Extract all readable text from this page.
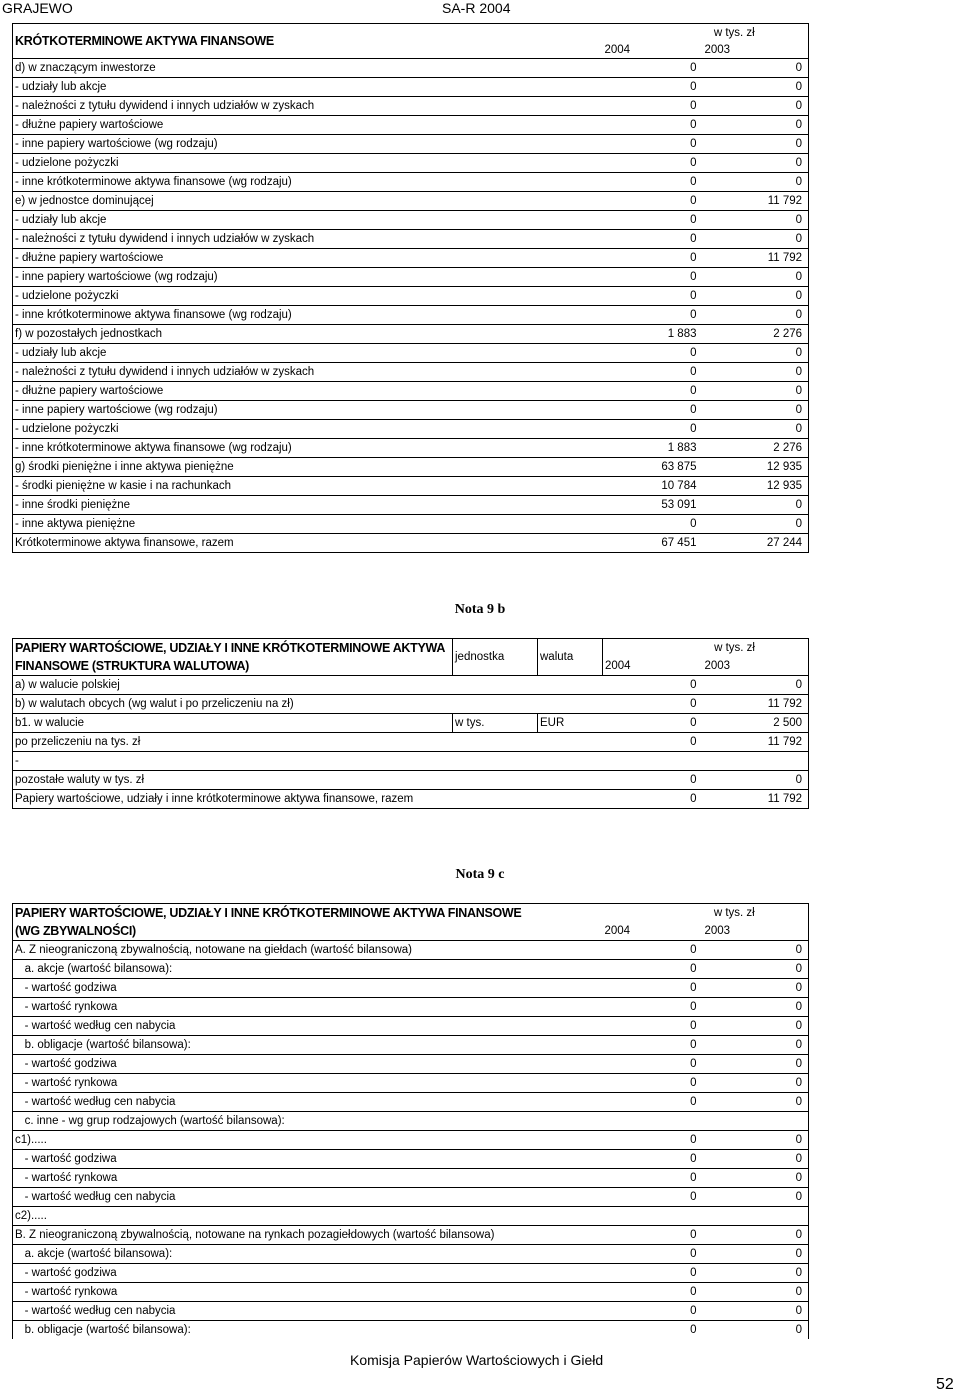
GRAJEWO	SA-R 2004
KRÓTKOTERMINOWE AKTYWA FINANSOWE	w tys. zł	
	2004	2003
d) w znaczącym inwestorze	0	0
- udziały lub akcje	0	0
- należności z tytułu dywidend i innych udziałów w zyskach	0	0
- dłużne papiery wartościowe	0	0
- inne papiery wartościowe (wg rodzaju)	0	0
- udzielone pożyczki	0	0
- inne krótkoterminowe aktywa finansowe (wg rodzaju)	0	0
e) w jednostce dominującej	0	11 792
- udziały lub akcje	0	0
- należności z tytułu dywidend i innych udziałów w zyskach	0	0
- dłużne papiery wartościowe	0	11 792
- inne papiery wartościowe (wg rodzaju)	0	0
- udzielone pożyczki	0	0
- inne krótkoterminowe aktywa finansowe (wg rodzaju)	0	0
f) w pozostałych jednostkach	1 883	2 276
- udziały lub akcje	0	0
- należności z tytułu dywidend i innych udziałów w zyskach	0	0
- dłużne papiery wartościowe	0	0
- inne papiery wartościowe (wg rodzaju)	0	0
- udzielone pożyczki	0	0
- inne krótkoterminowe aktywa finansowe (wg rodzaju)	1 883	2 276
g) środki pieniężne i inne aktywa pieniężne	63 875	12 935
- środki pieniężne w kasie i na rachunkach	10 784	12 935
- inne środki pieniężne	53 091	0
- inne aktywa pieniężne	0	0
Krótkoterminowe aktywa finansowe, razem	67 451	27 244
Nota 9 b
PAPIERY WARTOŚCIOWE, UDZIAŁY I INNE KRÓTKOTERMINOWE AKTYWA	jednostka	waluta	w tys. zł	
FINANSOWE (STRUKTURA WALUTOWA)			2004	2003
a) w walucie polskiej			0	0
b) w walutach obcych (wg walut i po przeliczeniu na zł)			0	11 792
b1. w walucie	w tys.	EUR	0	2 500
po przeliczeniu na tys. zł			0	11 792
-				
pozostałe waluty w tys. zł			0	0
Papiery wartościowe, udziały i inne krótkoterminowe aktywa finansowe, razem			0	11 792
Nota 9 c
PAPIERY WARTOŚCIOWE, UDZIAŁY I INNE KRÓTKOTERMINOWE AKTYWA FINANSOWE	w tys. zł	
(WG ZBYWALNOŚCI)	2004	2003
A. Z nieograniczoną zbywalnością, notowane na giełdach (wartość bilansowa)	0	0
a. akcje (wartość bilansowa):	0	0
- wartość godziwa	0	0
- wartość rynkowa	0	0
- wartość według cen nabycia	0	0
b. obligacje (wartość bilansowa):	0	0
- wartość godziwa	0	0
- wartość rynkowa	0	0
- wartość według cen nabycia	0	0
c. inne - wg grup rodzajowych (wartość bilansowa):		
c1).....	0	0
- wartość godziwa	0	0
- wartość rynkowa	0	0
- wartość według cen nabycia	0	0
c2).....		
B. Z nieograniczoną zbywalnością, notowane na rynkach pozagiełdowych (wartość bilansowa)	0	0
a. akcje (wartość bilansowa):	0	0
- wartość godziwa	0	0
- wartość rynkowa	0	0
- wartość według cen nabycia	0	0
b. obligacje (wartość bilansowa):	0	0
Komisja Papierów Wartościowych i Giełd
52
